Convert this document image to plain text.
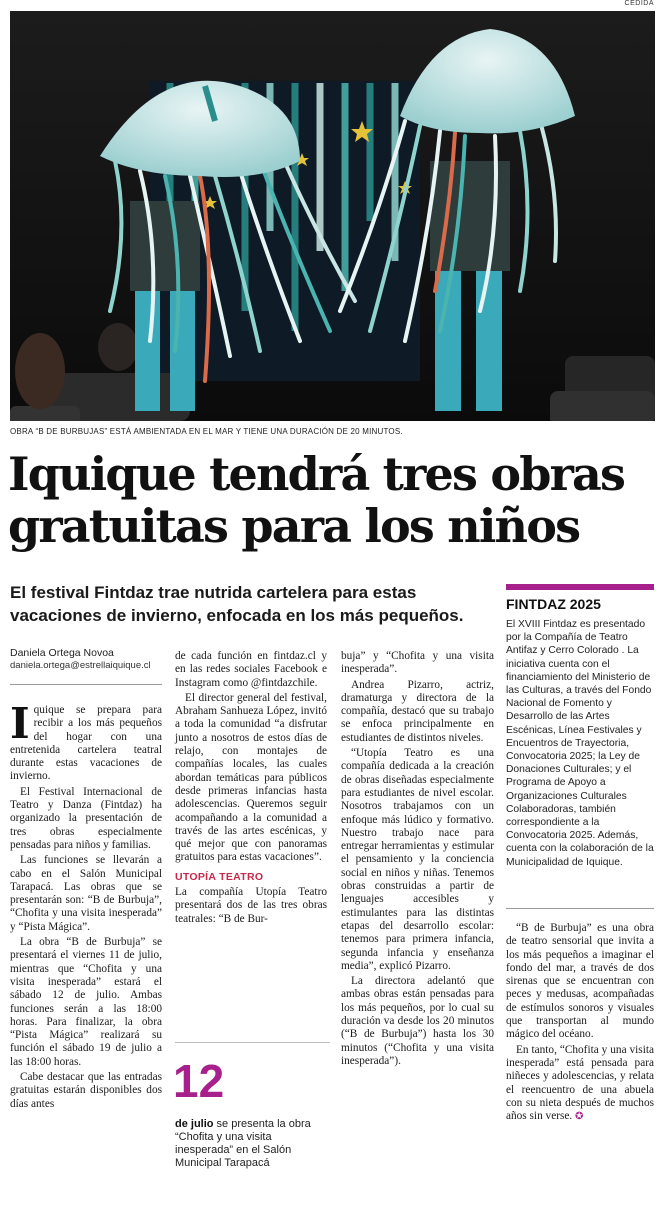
CEDIDA
OBRA “B DE BURBUJAS” ESTÁ AMBIENTADA EN EL MAR Y TIENE UNA DURACIÓN DE 20 MINUTOS.
Iquique tendrá tres obras gratuitas para los niños
El festival Fintdaz trae nutrida cartelera para estas vacaciones de invierno, enfocada en los más pequeños.
Daniela Ortega Novoa
daniela.ortega@estrellaiquique.cl

Iquique se prepara para recibir a los más pequeños del hogar con una entretenida cartelera teatral durante estas vacaciones de invierno.

El Festival Internacional de Teatro y Danza (Fintdaz) ha organizado la presentación de tres obras especialmente pensadas para niños y familias.

Las funciones se llevarán a cabo en el Salón Municipal Tarapacá. Las obras que se presentarán son: “B de Burbuja”, “Chofita y una visita inesperada” y “Pista Mágica”.

La obra “B de Burbuja” se presentará el viernes 11 de julio, mientras que “Chofita y una visita inesperada” estará el sábado 12 de julio. Ambas funciones serán a las 18:00 horas. Para finalizar, la obra “Pista Mágica” realizará su función el sábado 19 de julio a las 18:00 horas.

Cabe destacar que las entradas gratuitas estarán disponibles dos días antes

de cada función en fintdaz.cl y en las redes sociales Facebook e Instagram como @fintdazchile.

El director general del festival, Abraham Sanhueza López, invitó a toda la comunidad “a disfrutar junto a nosotros de estos días de relajo, con montajes de compañías locales, las cuales abordan temáticas para públicos desde primeras infancias hasta adolescencias. Queremos seguir acompañando a la comunidad a través de las artes escénicas, y qué mejor que con panoramas gratuitos para estas vacaciones”.

UTOPÍA TEATRO

La compañía Utopía Teatro presentará dos de las tres obras teatrales: “B de Bur-

12
de julio se presenta la obra “Chofita y una visita inesperada” en el Salón Municipal Tarapacá

buja” y “Chofita y una visita inesperada”.

Andrea Pizarro, actriz, dramaturga y directora de la compañía, destacó que su trabajo se enfoca principalmente en estudiantes de distintos niveles.

“Utopía Teatro es una compañía dedicada a la creación de obras diseñadas especialmente para estudiantes de nivel escolar. Nosotros trabajamos con un enfoque más lúdico y formativo. Nuestro trabajo nace para entregar herramientas y estimular el pensamiento y la conciencia social en niños y niñas. Tenemos obras construidas a partir de lenguajes accesibles y estimulantes para las distintas etapas del desarrollo escolar: tenemos para primera infancia, segunda infancia y enseñanza media”, explicó Pizarro.

La directora adelantó que ambas obras están pensadas para los más pequeños, por lo cual su duración va desde los 20 minutos (“B de Burbuja”) hasta los 30 minutos (“Chofita y una visita inesperada”).

FINTDAZ 2025
El XVIII Fintdaz es presentado por la Compañía de Teatro Antifaz y Cerro Colorado . La iniciativa cuenta con el financiamiento del Ministerio de las Culturas, a través del Fondo Nacional de Fomento y Desarrollo de las Artes Escénicas, Línea Festivales y Encuentros de Trayectoria, Convocatoria 2025; la Ley de Donaciones Culturales; y el Programa de Apoyo a Organizaciones Culturales Colaboradoras, también correspondiente a la Convocatoria 2025. Además, cuenta con la colaboración de la Municipalidad de Iquique.

“B de Burbuja” es una obra de teatro sensorial que invita a los más pequeños a imaginar el fondo del mar, a través de dos sirenas que se encuentran con peces y medusas, acompañadas de estímulos sonoros y visuales que transportan al mundo mágico del océano.

En tanto, “Chofita y una visita inesperada” está pensada para niñeces y adolescencias, y relata el reencuentro de una abuela con su nieta después de muchos años sin verse. ✪
